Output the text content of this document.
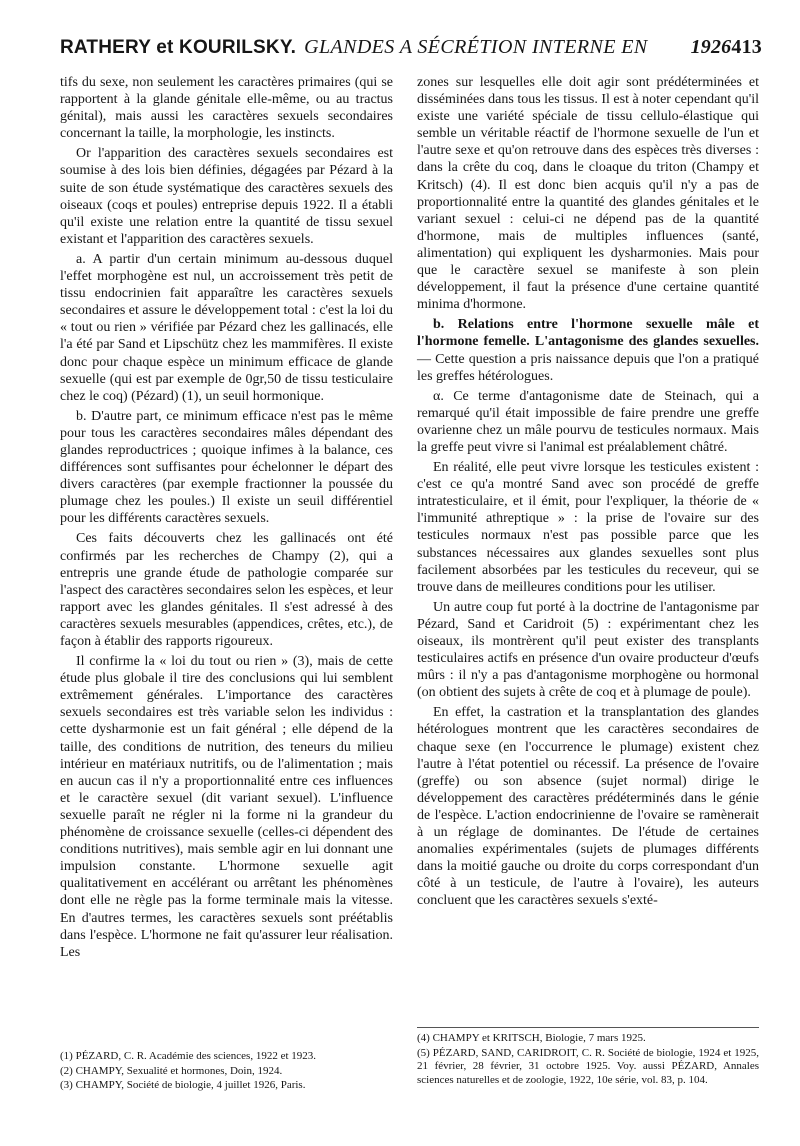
RATHERY et KOURILSKY. GLANDES A SÉCRÉTION INTERNE EN 1926413

tifs du sexe, non seulement les caractères primaires (qui se rapportent à la glande génitale elle-même, ou au tractus génital), mais aussi les caractères sexuels secondaires concernant la taille, la morphologie, les instincts.

Or l'apparition des caractères sexuels secondaires est soumise à des lois bien définies, dégagées par Pézard à la suite de son étude systématique des caractères sexuels des oiseaux (coqs et poules) entreprise depuis 1922. Il a établi qu'il existe une relation entre la quantité de tissu sexuel existant et l'apparition des caractères sexuels.

a. A partir d'un certain minimum au-dessous duquel l'effet morphogène est nul, un accroissement très petit de tissu endocrinien fait apparaître les caractères sexuels secondaires et assure le développement total : c'est la loi du « tout ou rien » vérifiée par Pézard chez les gallinacés, elle l'a été par Sand et Lipschütz chez les mammifères. Il existe donc pour chaque espèce un minimum efficace de glande sexuelle (qui est par exemple de 0gr,50 de tissu testiculaire chez le coq) (Pézard) (1), un seuil hormonique.

b. D'autre part, ce minimum efficace n'est pas le même pour tous les caractères secondaires mâles dépendant des glandes reproductrices ; quoique infimes à la balance, ces différences sont suffisantes pour échelonner le départ des divers caractères (par exemple fractionner la poussée du plumage chez les poules.) Il existe un seuil différentiel pour les différents caractères sexuels.

Ces faits découverts chez les gallinacés ont été confirmés par les recherches de Champy (2), qui a entrepris une grande étude de pathologie comparée sur l'aspect des caractères secondaires selon les espèces, et leur rapport avec les glandes génitales. Il s'est adressé à des caractères sexuels mesurables (appendices, crêtes, etc.), de façon à établir des rapports rigoureux.

Il confirme la « loi du tout ou rien » (3), mais de cette étude plus globale il tire des conclusions qui lui semblent extrêmement générales. L'importance des caractères sexuels secondaires est très variable selon les individus : cette dysharmonie est un fait général ; elle dépend de la taille, des conditions de nutrition, des teneurs du milieu intérieur en matériaux nutritifs, ou de l'alimentation ; mais en aucun cas il n'y a proportionnalité entre ces influences et le caractère sexuel (dit variant sexuel). L'influence sexuelle paraît ne régler ni la forme ni la grandeur du phénomène de croissance sexuelle (celles-ci dépendent des conditions nutritives), mais semble agir en lui donnant une impulsion constante. L'hormone sexuelle agit qualitativement en accélérant ou arrêtant les phénomènes dont elle ne règle pas la forme terminale mais la vitesse. En d'autres termes, les caractères sexuels sont préétablis dans l'espèce. L'hormone ne fait qu'assurer leur réalisation. Les

(1) PÉZARD, C. R. Académie des sciences, 1922 et 1923.

(2) CHAMPY, Sexualité et hormones, Doin, 1924.

(3) CHAMPY, Société de biologie, 4 juillet 1926, Paris.

zones sur lesquelles elle doit agir sont prédéterminées et disséminées dans tous les tissus. Il est à noter cependant qu'il existe une variété spéciale de tissu cellulo-élastique qui semble un véritable réactif de l'hormone sexuelle de l'un et l'autre sexe et qu'on retrouve dans des espèces très diverses : dans la crête du coq, dans le cloaque du triton (Champy et Kritsch) (4). Il est donc bien acquis qu'il n'y a pas de proportionnalité entre la quantité des glandes génitales et le variant sexuel : celui-ci ne dépend pas de la quantité d'hormone, mais de multiples influences (santé, alimentation) qui expliquent les dysharmonies. Mais pour que le caractère sexuel se manifeste à son plein développement, il faut la présence d'une certaine quantité minima d'hormone.

b. Relations entre l'hormone sexuelle mâle et l'hormone femelle. L'antagonisme des glandes sexuelles. — Cette question a pris naissance depuis que l'on a pratiqué les greffes hétérologues.

α. Ce terme d'antagonisme date de Steinach, qui a remarqué qu'il était impossible de faire prendre une greffe ovarienne chez un mâle pourvu de testicules normaux. Mais la greffe peut vivre si l'animal est préalablement châtré.

En réalité, elle peut vivre lorsque les testicules existent : c'est ce qu'a montré Sand avec son procédé de greffe intratesticulaire, et il émit, pour l'expliquer, la théorie de « l'immunité athreptique » : la prise de l'ovaire sur des testicules normaux n'est pas possible parce que les substances nécessaires aux glandes sexuelles sont plus facilement absorbées par les testicules du receveur, qui se trouve dans de meilleures conditions pour les utiliser.

Un autre coup fut porté à la doctrine de l'antagonisme par Pézard, Sand et Caridroit (5) : expérimentant chez les oiseaux, ils montrèrent qu'il peut exister des transplants testiculaires actifs en présence d'un ovaire producteur d'œufs mûrs : il n'y a pas d'antagonisme morphogène ou hormonal (on obtient des sujets à crête de coq et à plumage de poule).

En effet, la castration et la transplantation des glandes hétérologues montrent que les caractères secondaires de chaque sexe (en l'occurrence le plumage) existent chez l'autre à l'état potentiel ou récessif. La présence de l'ovaire (greffe) ou son absence (sujet normal) dirige le développement des caractères prédéterminés dans le génie de l'espèce. L'action endocrinienne de l'ovaire se ramènerait à un réglage de dominantes. De l'étude de certaines anomalies expérimentales (sujets de plumages différents dans la moitié gauche ou droite du corps correspondant d'un côté à un testicule, de l'autre à l'ovaire), les auteurs concluent que les caractères sexuels s'exté-

(4) CHAMPY et KRITSCH, Biologie, 7 mars 1925.

(5) PÉZARD, SAND, CARIDROIT, C. R. Société de biologie, 1924 et 1925, 21 février, 28 février, 31 octobre 1925. Voy. aussi PÉZARD, Annales sciences naturelles et de zoologie, 1922, 10e série, vol. 83, p. 104.
